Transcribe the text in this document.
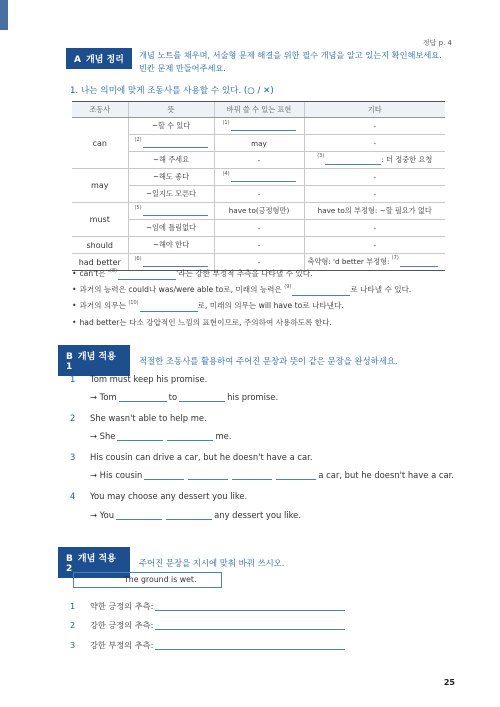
정답 p. 4
A 개념 정리	개념 노트를 채우며, 서술형 문제 해결을 위한 필수 개념을 알고 있는지 확인해보세요. 빈칸 문제 만들어주세요.
1. 나는 의미에 맞게 조동사를 사용할 수 있다. (○ / ✕)
조동사	뜻	바꿔 쓸 수 있는 표현	기타
can	~할 수 있다	$^{(1)}$	-
	$^{(2)}$	may	-
	~해 주세요	-	$^{(3)}$ : 더 정중한 요청
may	~해도 좋다	$^{(4)}$	-
	~일지도 모른다	-	-
must	$^{(5)}$	have to(긍정형만)	have to의 부정형: ~할 필요가 없다
	~임에 틀림없다	-	-
should	~해야 한다	-	-
had better	$^{(6)}$	-	축약형: 'd better 부정형: $^{(7)}$
• can't은 '$^{(8)}$	'라는 강한 부정적 추측을 나타낼 수 있다.
• 과거의 능력은 could나 was/were able to로, 미래의 능력은 $^{(9)}$	로 나타낼 수 있다.
• 과거의 의무는 $^{(10)}$	로, 미래의 의무는 will have to로 나타낸다.
• had better는 다소 강압적인 느낌의 표현이므로, 주의하여 사용하도록 한다.
B 개념 적용 1
적절한 조동사를 활용하여 주어진 문장과 뜻이 같은 문장을 완성하세요.
1 Tom must keep his promise.
→ Tom	to	his promise.
2 She wasn't able to help me.
→ She	me.
3 His cousin can drive a car, but he doesn't have a car.
→ His cousin	a car, but he doesn't have a car.
4 You may choose any dessert you like.
→ You	any dessert you like.
B 개념 적용 2
주어진 문장을 지시에 맞춰 바꿔 쓰시오.
The ground is wet.
1 약한 긍정의 추측:
2 강한 긍정의 추측:
3 강한 부정의 추측:
25
